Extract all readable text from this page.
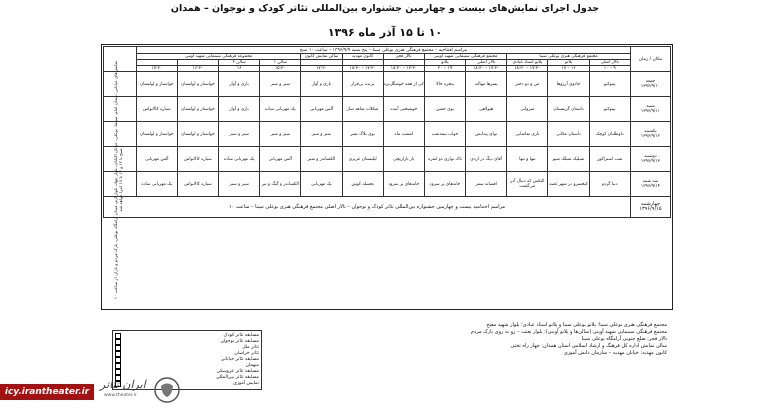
جدول اجرای نمایش‌های بیست و چهارمین جشنواره بین‌المللی تئاتر کودک و نوجوان – همدان
۱۰ تا ۱۵ آذر ماه ۱۳۹۶
	مراسم افتتاحیه – مجتمع فرهنگی هنری بوعلی سینا – پنج شنبه ۱۳۹۶/۹/۹ – ساعت ۱۰ صبح												مکان / زمان
	مجموعه فرهنگی سینمایی شهید آوینی				سالن نمایش کانون	کانون مهدیه	تالار فجر	مجتمع فرهنگی سینمایی شهید آوینی		مجتمع فرهنگی هنری بوعلی سینا			
			سالن ۲	سالن ۱				پلاتو	تالار اصلی	پلاتو استاد عبادی	پلاتو	تالار اصلی	
	۱۷:۳۰	۱۶:۳۰	۱۶	۱۵:۳۰	۱۷:۳۰	۱۷:۳۰ – ۱۸:۳۰	۱۷:۳۰ – ۱۸:۳۰	۱۹ – ۲۰	۱۷:۳۰ – ۱۸:۳۰	۱۷:۳۰ – ۱۸:۳۰	۱۶ – ۱۷	۹ – ۱۰	
	خواستار و لولستان	خواستار و لولستان	بازی و آواز	سبز و سبز	بازی و آواز	پرنده بی‌قرار	کی از همه خوشگل‌تره	پنجره خالا	پسرها تنها‌اند	من و دو دختر	جادوی آرزوها	پینوکیو	جمعه
۱۳۹۶/۹/۱۰
	سیاره کالانواس	خواستار و لولستان	بازی و آواز	یک مهربانی ساده	آلس مهربانی	شکلات شاهد ساز	خوشبختی آینده	بوی جشن	هیولاهی	میروانی	داستان گرینستان	پینوکیو	شنبه
۱۳۹۶/۹/۱۱
	خواستار و لولستان	خواستار و لولستان	سبز و سبز	سبز و سبز	سبز و سبز	بوی بلاگ نمیر	امشب ماه	خواب نیمه‌شب	نوای پیدایش	بازی تماشایی	داستان مکانی	داوطلبان کوچک	یکشنبه
۱۳۹۶/۹/۱۲
	آلس مهربانی	سیاره کالانواس	یک مهربانی ساده	آلس مهربانی	الکساندر و شیر	لیلیستان عزیزی	یار بازاریچی	تاک نوازی دو انفره	آقای دیگ در اردی	تنها و تنها	شبلیک شبلک شیو	شب استراکوز	دوشنبه
۱۳۹۶/۹/۱۳
	یک مهربانی ساده	سیاره کالانواس	سبز و سبز	الکساندر و گیگ و تبر	یک مهربانی	تجسله کوش	خانه‌های پر سرود	خانه‌های پر سرود	افسانه سفر	الیکس که دنبال آذر می‌گشت	کیخسرو در شهر غصه	دنیا گردو	سه شنبه
۱۳۹۶/۹/۱۴
مراسم اختتامیه بیست و چهارمین جشنواره بین‌المللی تئاتر کودک و نوجوان – تالار اصلی مجتمع فرهنگی هنری بوعلی سینا – ساعت ۱۰													چهارشنبه
۱۳۹۶/۹/۱۵
نمایش‌های خیابانی: میدان امام، سینما، بوعلی، خیابان اکباتان، بلوار جهاد، بلوار ارم، میدان آرامگاه بوعلی، پارک مردم و بازار، از ساعت ۱۰ صبح تا ۱۲ و ۱۴ تا ۱۸ اجرا خواهد شد
مسابقه تئاتر کودک
مسابقه تئاتر نوجوان
تئاتر ملل
تئاتر خراسان
مسابقه تئاتر خیابانی
میهمان
مسابقه تئاتر عروسکی
مسابقه تئاتر بین‌المللی
نمایش آموزی
مجتمع فرهنگی هنری بوعلی سینا: پلاتو بوعلی سینا و پلاتو استاد عبادی؛ بلوار شهید مفتح
مجتمع فرهنگی سینمایی شهید آوینی (سالن‌ها و پلاتو آوینی): بلوار بعثت – رو به روی پارک مردم
تالار فجر: ضلع جنوبی آرامگاه بوعلی سینا
سالن نمایش اداره کل فرهنگ و ارشاد اسلامی استان همدان: چهار راه تختی
کانون مهدیه: خیابان مهدیه – سازمان دانش آموزی
icy.irantheater.ir
ایران تئاتر
www.theater.ir
